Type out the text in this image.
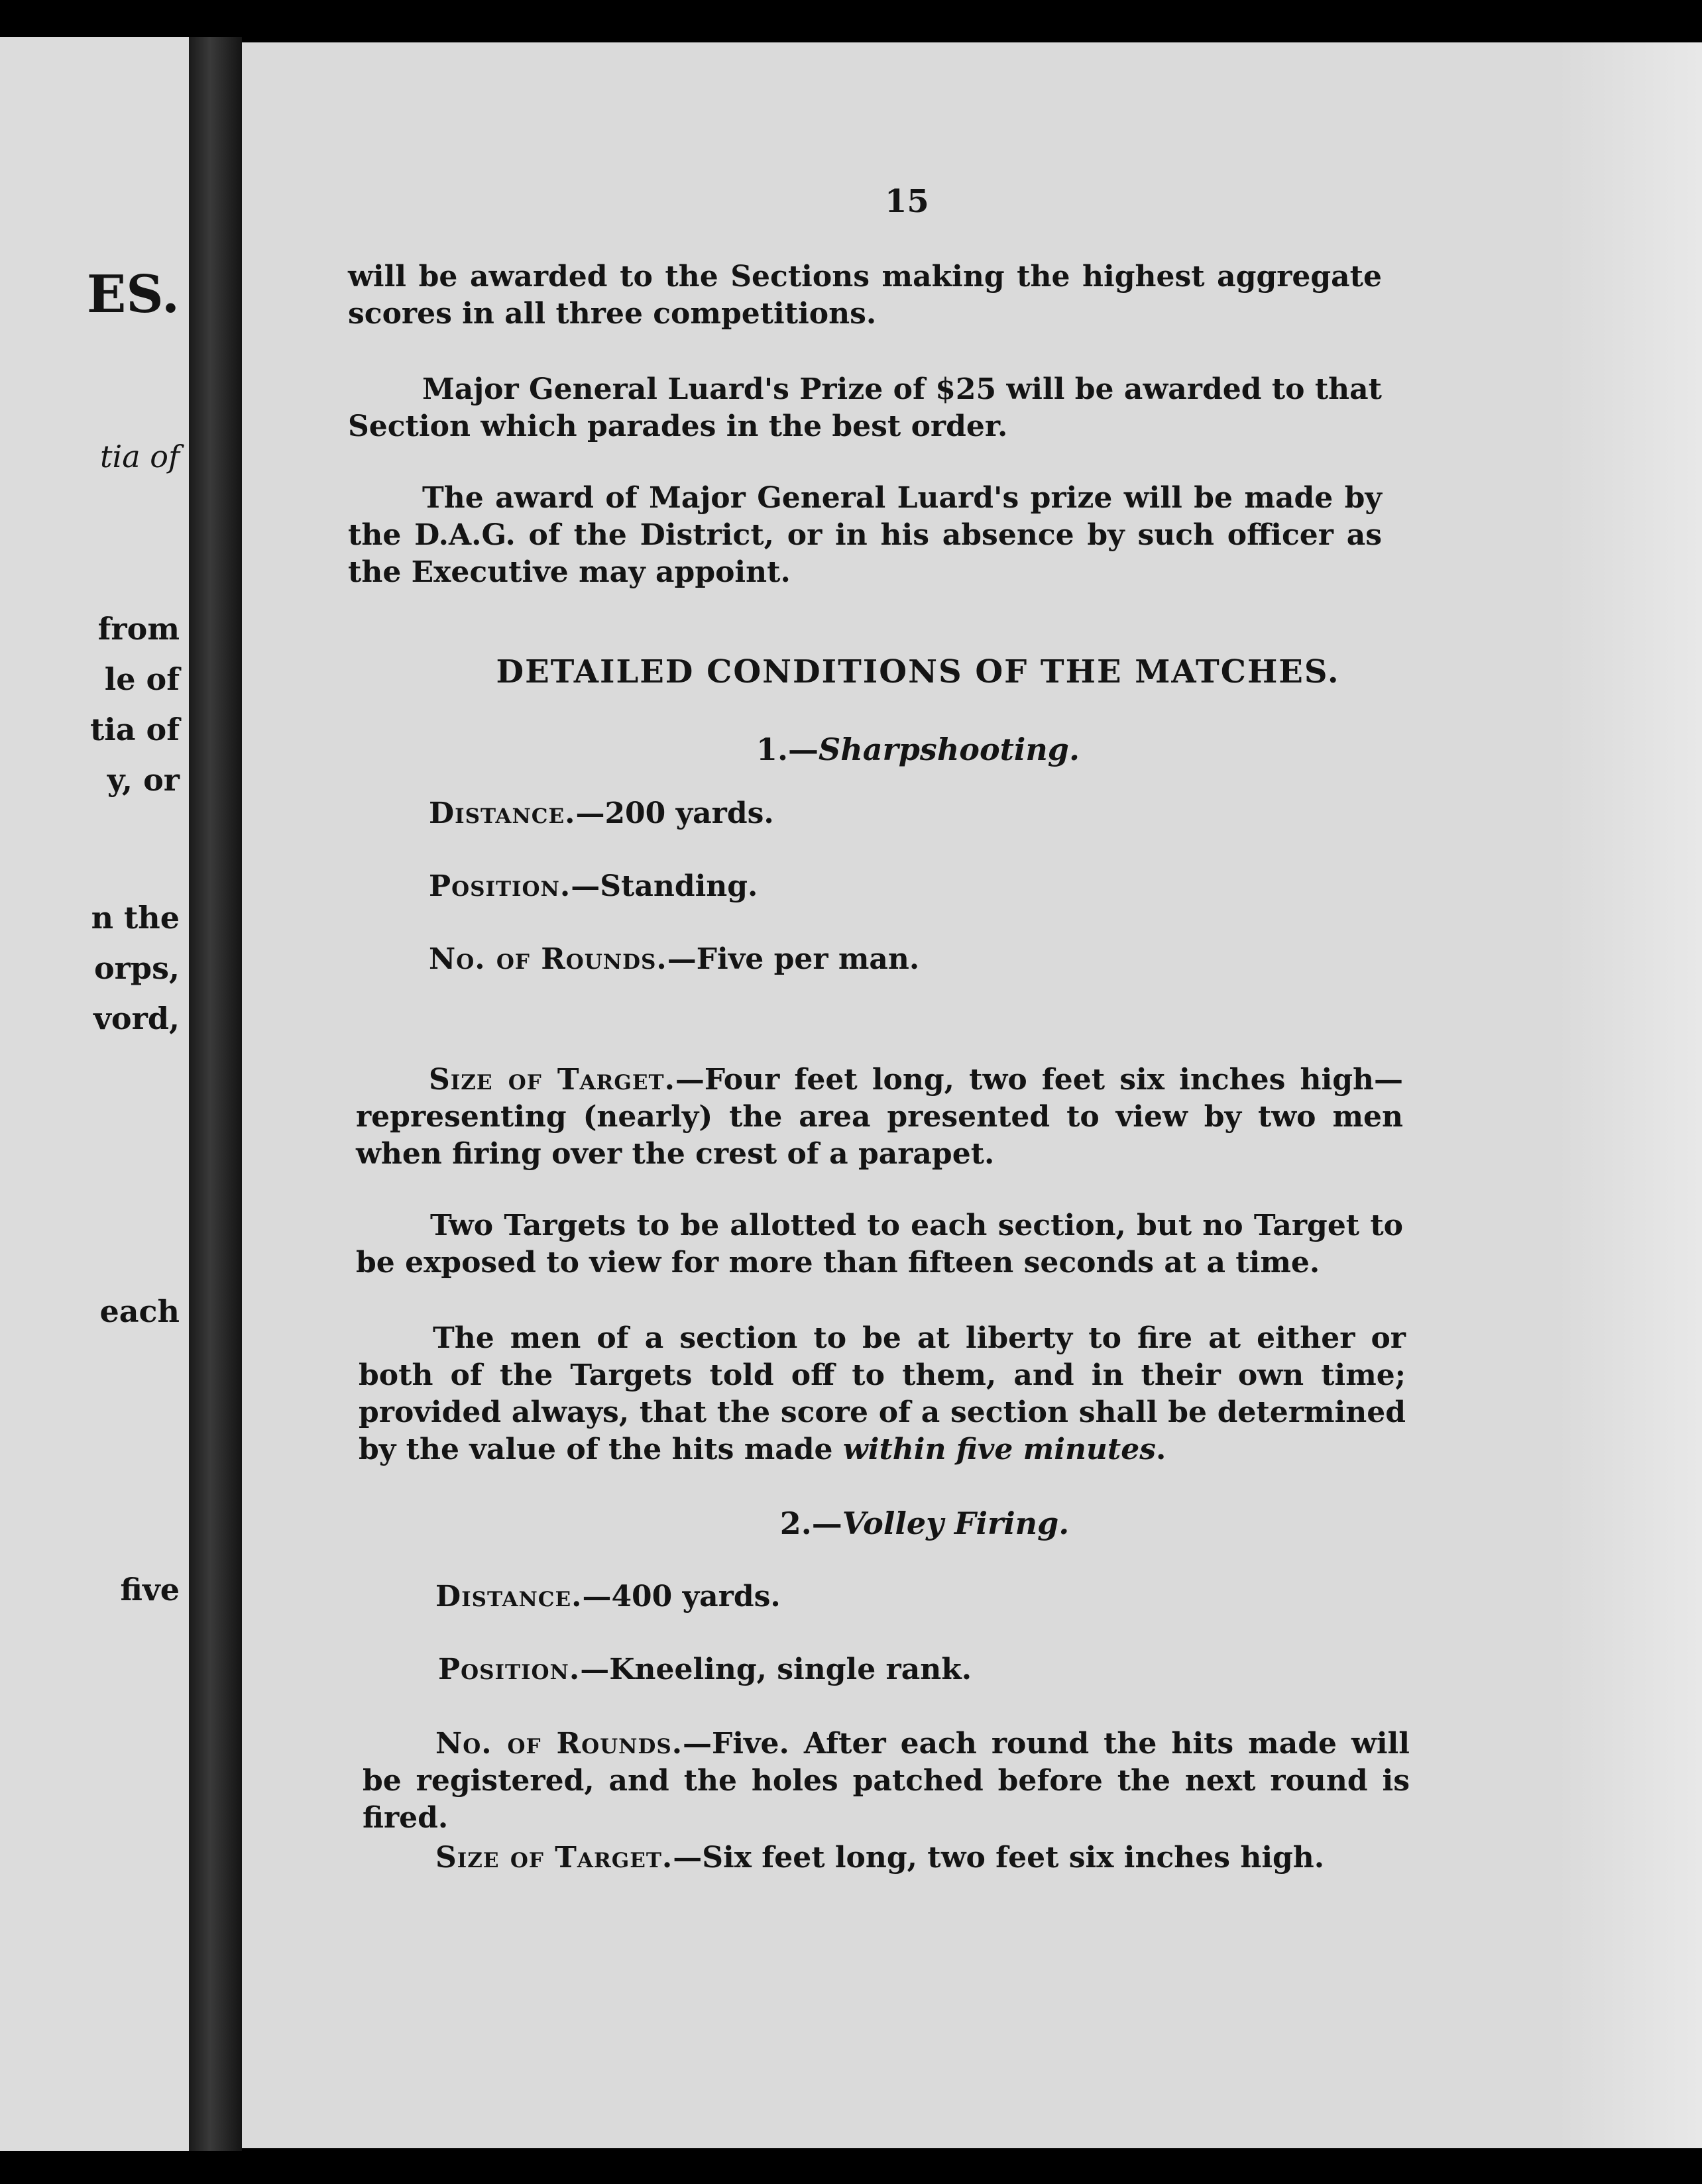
ES.

tia of

from

le of

tia of

y, or

n the

orps,

vord,

each

five

15

will be awarded to the Sections making the highest aggregate scores in all three competitions.

Major General Luard's Prize of $25 will be awarded to that Section which parades in the best order.

The award of Major General Luard's prize will be made by the D.A.G. of the District, or in his absence by such officer as the Executive may appoint.

DETAILED CONDITIONS OF THE MATCHES.

1.—Sharpshooting.

Distance.—200 yards.

Position.—Standing.

No. of Rounds.—Five per man.

Size of Target.—Four feet long, two feet six inches high—representing (nearly) the area presented to view by two men when firing over the crest of a parapet.

Two Targets to be allotted to each section, but no Target to be exposed to view for more than fifteen seconds at a time.

The men of a section to be at liberty to fire at either or both of the Targets told off to them, and in their own time; provided always, that the score of a section shall be determined by the value of the hits made within five minutes.

2.—Volley Firing.

Distance.—400 yards.

Position.—Kneeling, single rank.

No. of Rounds.—Five. After each round the hits made will be registered, and the holes patched before the next round is fired.

Size of Target.—Six feet long, two feet six inches high.
